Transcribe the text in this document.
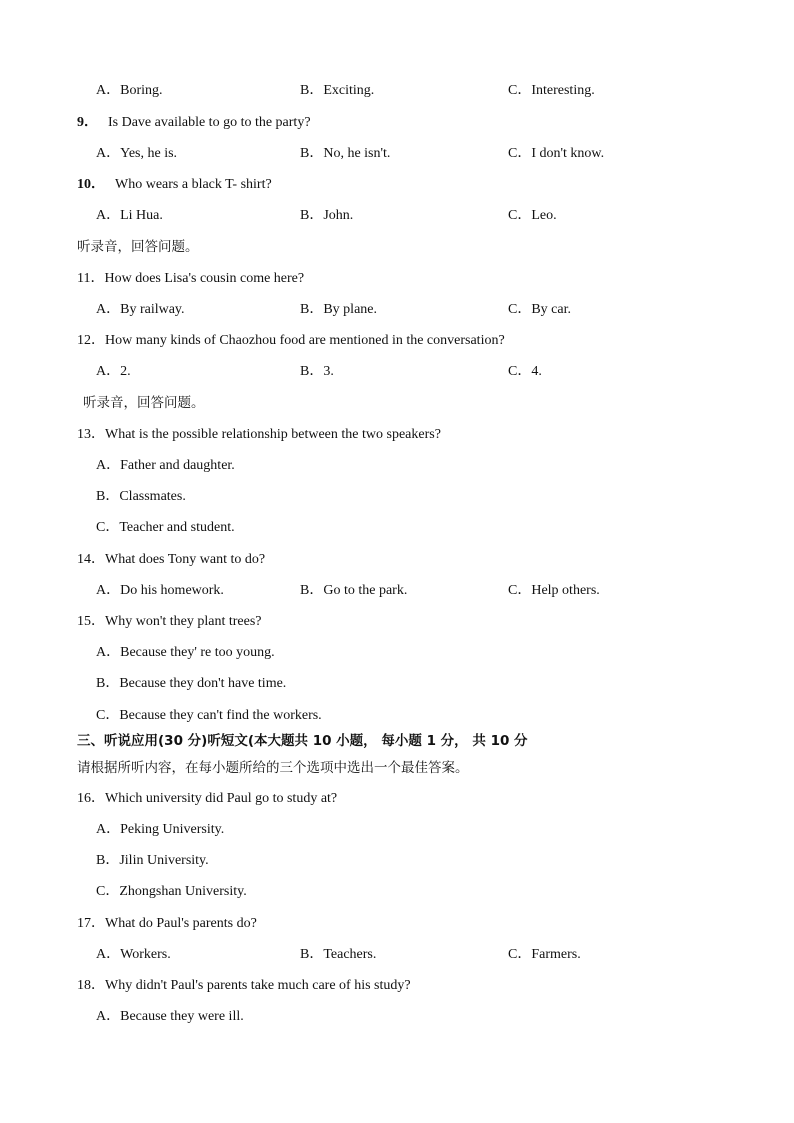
A．Boring.	B．Exciting.	C．Interesting.
9． Is Dave available to go to the party?
A．Yes, he is.	B．No, he isn't.	C．I don't know.
10． Who wears a black T- shirt?
A．Li Hua.	B．John.	C．Leo.
听录音，回答问题。
11．How does Lisa's cousin come here?
A．By railway.	B．By plane.	C．By car.
12．How many kinds of Chaozhou food are mentioned in the conversation?
A．2.	B．3.	C．4.
听录音，回答问题。
13．What is the possible relationship between the two speakers?
A．Father and daughter.
B．Classmates.
C．Teacher and student.
14．What does Tony want to do?
A．Do his homework.	B．Go to the park.	C．Help others.
15．Why won't they plant trees?
A．Because they' re too young.
B．Because they don't have time.
C．Because they can't find the workers.
三、听说应用(30 分)听短文(本大题共 10 小题， 每小题 1 分， 共 10 分
请根据所听内容，在每小题所给的三个选项中选出一个最佳答案。
16．Which university did Paul go to study at?
A．Peking University.
B．Jilin University.
C．Zhongshan University.
17．What do Paul's parents do?
A．Workers.	B．Teachers.	C．Farmers.
18．Why didn't Paul's parents take much care of his study?
A．Because they were ill.
